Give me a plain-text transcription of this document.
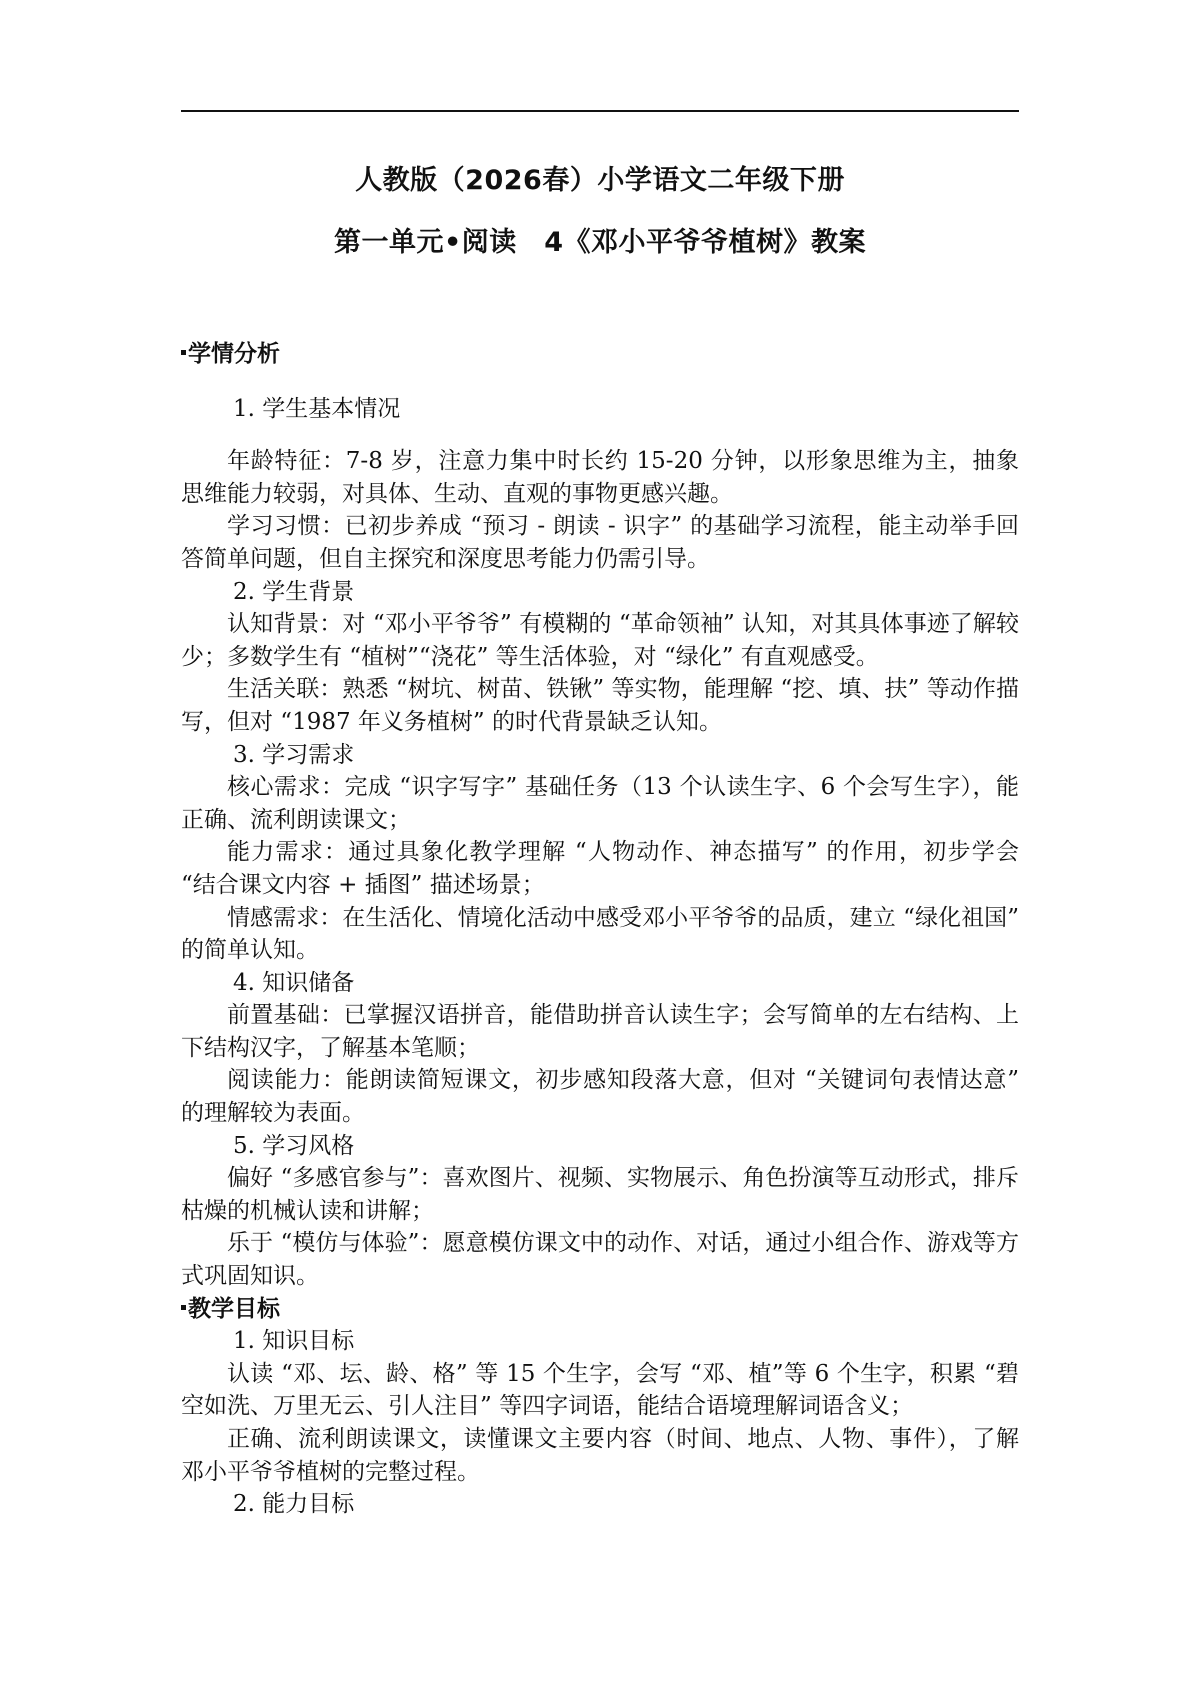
人教版（2026春）小学语文二年级下册
第一单元•阅读　4《邓小平爷爷植树》教案
学情分析
1. 学生基本情况

年龄特征：7-8 岁，注意力集中时长约 15-20 分钟，以形象思维为主，抽象思维能力较弱，对具体、生动、直观的事物更感兴趣。

学习习惯：已初步养成 “预习 - 朗读 - 识字” 的基础学习流程，能主动举手回答简单问题，但自主探究和深度思考能力仍需引导。

2. 学生背景

认知背景：对 “邓小平爷爷” 有模糊的 “革命领袖” 认知，对其具体事迹了解较少；多数学生有 “植树”“浇花” 等生活体验，对 “绿化” 有直观感受。

生活关联：熟悉 “树坑、树苗、铁锹” 等实物，能理解 “挖、填、扶” 等动作描写，但对 “1987 年义务植树” 的时代背景缺乏认知。

3. 学习需求

核心需求：完成 “识字写字” 基础任务（13 个认读生字、6 个会写生字），能正确、流利朗读课文；

能力需求：通过具象化教学理解 “人物动作、神态描写” 的作用，初步学会 “结合课文内容 + 插图” 描述场景；

情感需求：在生活化、情境化活动中感受邓小平爷爷的品质，建立 “绿化祖国” 的简单认知。

4. 知识储备

前置基础：已掌握汉语拼音，能借助拼音认读生字；会写简单的左右结构、上下结构汉字，了解基本笔顺；

阅读能力：能朗读简短课文，初步感知段落大意，但对 “关键词句表情达意” 的理解较为表面。

5. 学习风格

偏好 “多感官参与”：喜欢图片、视频、实物展示、角色扮演等互动形式，排斥枯燥的机械认读和讲解；

乐于 “模仿与体验”：愿意模仿课文中的动作、对话，通过小组合作、游戏等方式巩固知识。

教学目标
1. 知识目标

认读 “邓、坛、龄、格” 等 15 个生字，会写 “邓、植”等 6 个生字，积累 “碧空如洗、万里无云、引人注目” 等四字词语，能结合语境理解词语含义；

正确、流利朗读课文，读懂课文主要内容（时间、地点、人物、事件），了解邓小平爷爷植树的完整过程。

2. 能力目标
